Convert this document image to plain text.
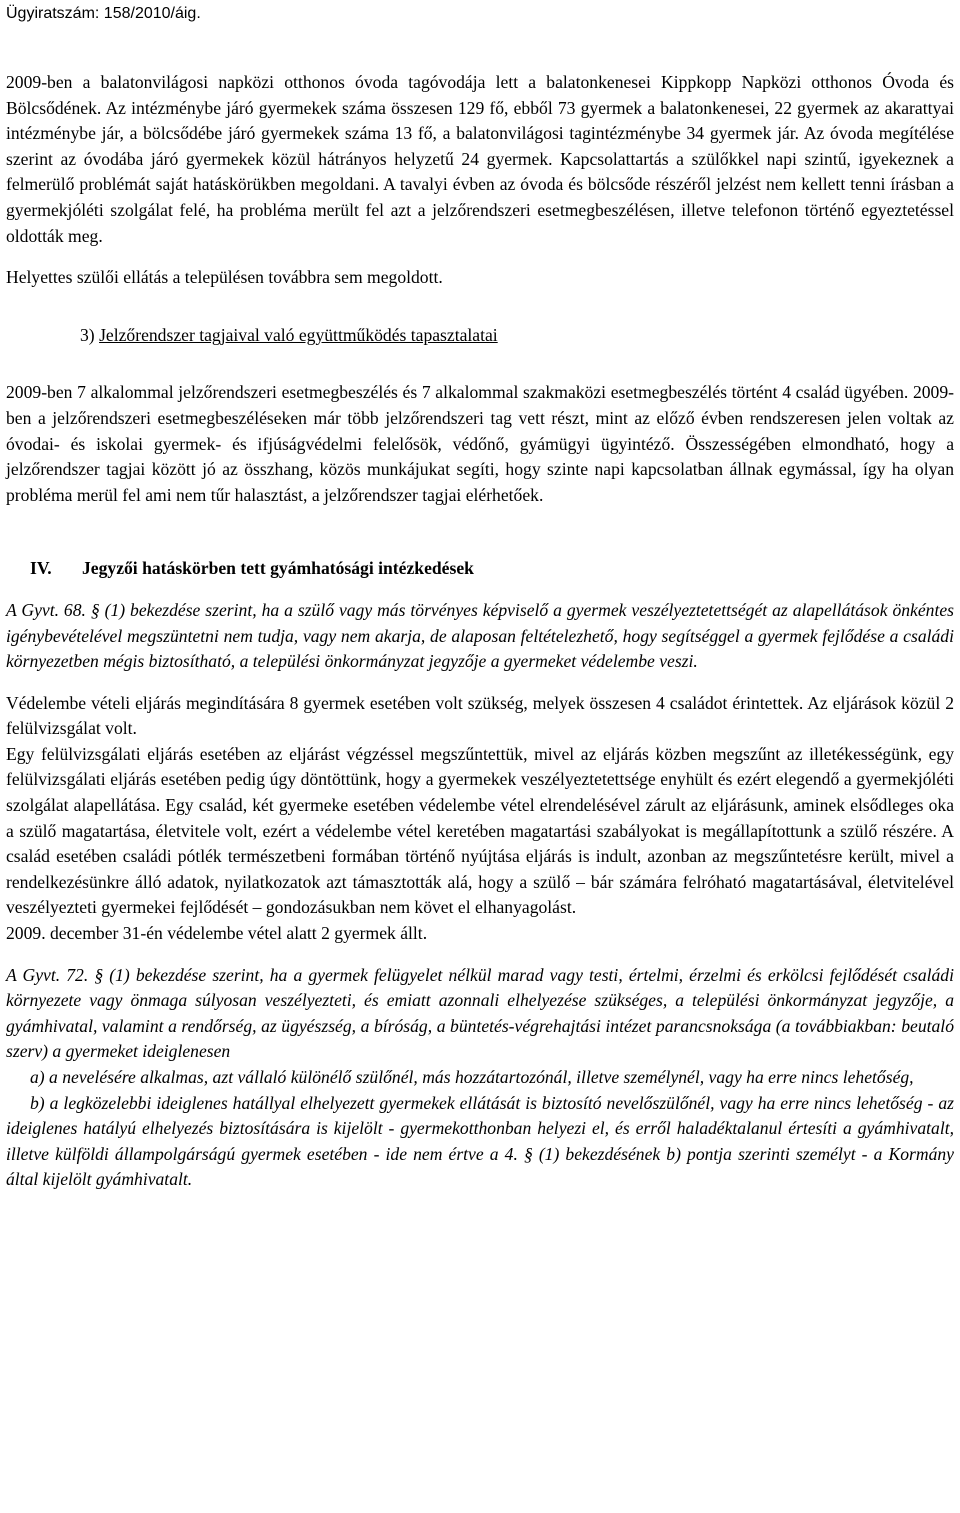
Ügyiratszám: 158/2010/áig.

2009-ben a balatonvilágosi napközi otthonos óvoda tagóvodája lett a balatonkenesei Kippkopp Napközi otthonos Óvoda és Bölcsődének. Az intézménybe járó gyermekek száma összesen 129 fő, ebből 73 gyermek a balatonkenesei, 22 gyermek az akarattyai intézménybe jár, a bölcsődébe járó gyermekek száma 13 fő, a balatonvilágosi tagintézménybe 34 gyermek jár. Az óvoda megítélése szerint az óvodába járó gyermekek közül hátrányos helyzetű 24 gyermek. Kapcsolattartás a szülőkkel napi szintű, igyekeznek a felmerülő problémát saját hatáskörükben megoldani. A tavalyi évben az óvoda és bölcsőde részéről jelzést nem kellett tenni írásban a gyermekjóléti szolgálat felé, ha probléma merült fel azt a jelzőrendszeri esetmegbeszélésen, illetve telefonon történő egyeztetéssel oldották meg.

Helyettes szülői ellátás a településen továbbra sem megoldott.

3) Jelzőrendszer tagjaival való együttműködés tapasztalatai

2009-ben 7 alkalommal jelzőrendszeri esetmegbeszélés és 7 alkalommal szakmaközi esetmegbeszélés történt 4 család ügyében. 2009-ben a jelzőrendszeri esetmegbeszéléseken már több jelzőrendszeri tag vett részt, mint az előző évben rendszeresen jelen voltak az óvodai- és iskolai gyermek- és ifjúságvédelmi felelősök, védőnő, gyámügyi ügyintéző. Összességében elmondható, hogy a jelzőrendszer tagjai között jó az összhang, közös munkájukat segíti, hogy szinte napi kapcsolatban állnak egymással, így ha olyan probléma merül fel ami nem tűr halasztást, a jelzőrendszer tagjai elérhetőek.

IV. Jegyzői hatáskörben tett gyámhatósági intézkedések

A Gyvt. 68. § (1) bekezdése szerint, ha a szülő vagy más törvényes képviselő a gyermek veszélyeztetettségét az alapellátások önkéntes igénybevételével megszüntetni nem tudja, vagy nem akarja, de alaposan feltételezhető, hogy segítséggel a gyermek fejlődése a családi környezetben mégis biztosítható, a települési önkormányzat jegyzője a gyermeket védelembe veszi.

Védelembe vételi eljárás megindítására 8 gyermek esetében volt szükség, melyek összesen 4 családot érintettek. Az eljárások közül 2 felülvizsgálat volt.

Egy felülvizsgálati eljárás esetében az eljárást végzéssel megszűntettük, mivel az eljárás közben megszűnt az illetékességünk, egy felülvizsgálati eljárás esetében pedig úgy döntöttünk, hogy a gyermekek veszélyeztetettsége enyhült és ezért elegendő a gyermekjóléti szolgálat alapellátása. Egy család, két gyermeke esetében védelembe vétel elrendelésével zárult az eljárásunk, aminek elsődleges oka a szülő magatartása, életvitele volt, ezért a védelembe vétel keretében magatartási szabályokat is megállapítottunk a szülő részére. A család esetében családi pótlék természetbeni formában történő nyújtása eljárás is indult, azonban az megszűntetésre került, mivel a rendelkezésünkre álló adatok, nyilatkozatok azt támasztották alá, hogy a szülő – bár számára felróható magatartásával, életvitelével veszélyezteti gyermekei fejlődését – gondozásukban nem követ el elhanyagolást.

2009. december 31-én védelembe vétel alatt 2 gyermek állt.

A Gyvt. 72. § (1) bekezdése szerint, ha a gyermek felügyelet nélkül marad vagy testi, értelmi, érzelmi és erkölcsi fejlődését családi környezete vagy önmaga súlyosan veszélyezteti, és emiatt azonnali elhelyezése szükséges, a települési önkormányzat jegyzője, a gyámhivatal, valamint a rendőrség, az ügyészség, a bíróság, a büntetés-végrehajtási intézet parancsnoksága (a továbbiakban: beutaló szerv) a gyermeket ideiglenesen

a) a nevelésére alkalmas, azt vállaló különélő szülőnél, más hozzátartozónál, illetve személynél, vagy ha erre nincs lehetőség,

b) a legközelebbi ideiglenes hatállyal elhelyezett gyermekek ellátását is biztosító nevelőszülőnél, vagy ha erre nincs lehetőség - az ideiglenes hatályú elhelyezés biztosítására is kijelölt - gyermekotthonban helyezi el, és erről haladéktalanul értesíti a gyámhivatalt, illetve külföldi állampolgárságú gyermek esetében - ide nem értve a 4. § (1) bekezdésének b) pontja szerinti személyt - a Kormány által kijelölt gyámhivatalt.
